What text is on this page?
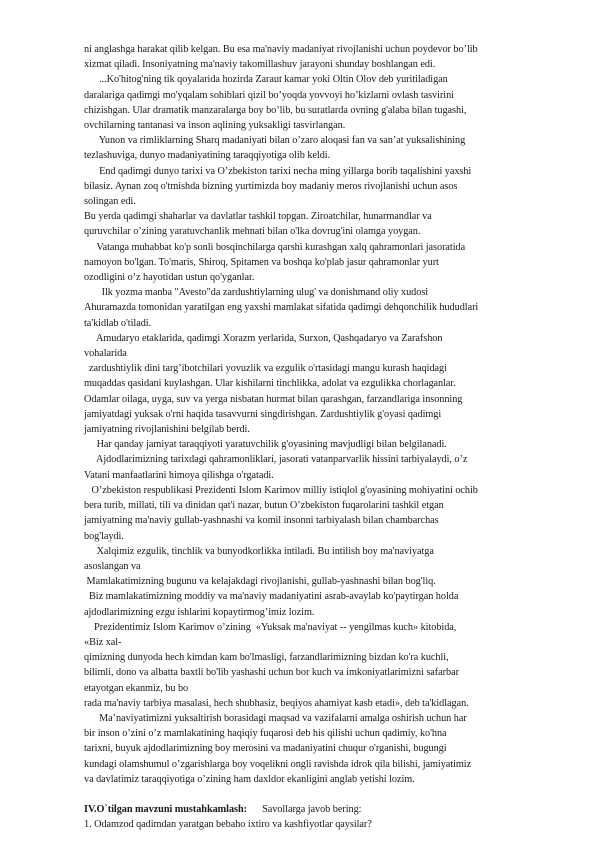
ni anglashga harakat qilib kelgan. Bu esa ma'naviy madaniyat rivojlanishi uchun poydevor bo’lib
xizmat qiladi. Insoniyatning ma'naviy takomillashuv jarayoni shunday boshlangan edi.
...Ko'hitog'ning tik qoyalarida hozirda Zaraut kamar yoki Oltin Olov deb yuritiladigan
daralariga qadimgi mo'yqalam sohiblari qizil bo’yoqda yovvoyi ho’kizlarni ovlash tasvirini
chizishgan. Ular dramatik manzaralarga boy bo’lib, bu suratlarda ovning g'alaba bilan tugashi,
ovchilarning tantanasi va inson aqlining yuksakligi tasvirlangan.
Yunon va rimliklarning Sharq madaniyati bilan o’zaro aloqasi fan va san’at yuksalishining
tezlashuviga, dunyo madaniyatining taraqqiyotiga olib keldi.
End qadimgi dunyo tarixi va O’zbekiston tarixi necha ming yillarga borib taqalishini yaxshi
bilasiz. Aynan zoq o'tmishda bizning yurtimizda boy madaniy meros rivojlanishi uchun asos
solingan edi.
Bu yerda qadimgi shaharlar va davlatlar tashkil topgan. Ziroatchilar, hunarmandlar va
quruvchilar o’zining yaratuvchanlik mehnati bilan o'lka dovrug'ini olamga yoygan.
Vatanga muhabbat ko'p sonli bosqinchilarga qarshi kurashgan xalq qahramonlari jasoratida
namoyon bo'lgan. To'maris, Shiroq, Spitamen va boshqa ko'plab jasur qahramonlar yurt
ozodligini o’z hayotidan ustun qo'yganlar.
Ilk yozma manba "Avesto"da zardushtiylarning ulug' va donishmand oliy xudosi
Ahuramazda tomonidan yaratilgan eng yaxshi mamlakat sifatida qadimgi dehqonchilik hududlari
ta'kidlab o'tiladi.
Amudaryo etaklarida, qadimgi Xorazm yerlarida, Surxon, Qashqadaryo va Zarafshon
vohalarida
zardushtiylik dini targ’ibotchilari yovuzlik va ezgulik o'rtasidagi mangu kurash haqidagi
muqaddas qasidani kuylashgan. Ular kishilarni tinchlikka, adolat va ezgulikka chorlaganlar.
Odamlar oilaga, uyga, suv va yerga nisbatan hurmat bilan qarashgan, farzandlariga insonning
jamiyatdagi yuksak o'rni haqida tasavvurni singdirishgan. Zardushtiylik g'oyasi qadimgi
jamiyatning rivojlanishini belgilab berdi.
Har qanday jamiyat taraqqiyoti yaratuvchilik g'oyasining mavjudligi bilan belgilanadi.
Ajdodlarimizning tarixdagi qahramonliklari, jasorati vatanparvarlik hissini tarbiyalaydi, o’z
Vatani manfaatlarini himoya qilishga o'rgatadi.
O’zbekiston respublikasi Prezidenti Islom Karimov milliy istiqlol g'oyasining mohiyatini ochib
bera turib, millati, tili va dinidan qat'i nazar, butun O’zbekiston fuqarolarini tashkil etgan
jamiyatning ma'naviy gullab-yashnashi va komil insonni tarbiyalash bilan chambarchas
bog'laydi.
Xalqimiz ezgulik, tinchlik va bunyodkorlikka intiladi. Bu intilish boy ma'naviyatga
asoslangan va
Mamlakatimizning bugunu va kelajakdagi rivojlanishi, gullab-yashnashi bilan bog'liq.
Biz mamlakatimizning moddiy va ma'naviy madaniyatini asrab-avaylab ko'paytirgan holda
ajdodlarimizning ezgu ishlarini kopaytirmog’imiz lozim.
Prezidentimiz Islom Karimov o’zining  «Yuksak ma'naviyat -- yengilmas kuch» kitobida,
«Biz xal-
qimizning dunyoda hech kimdan kam bo'lmasligi, farzandlarimizning bizdan ko'ra kuchli,
bilimli, dono va albatta baxtli bo'lib yashashi uchun bor kuch va imkoniyatlarimizni safarbar
etayotgan ekanmiz, bu bo
rada ma'naviy tarbiya masalasi, hech shubhasiz, beqiyos ahamiyat kasb etadi», deb ta'kidlagan.
Ma’naviyatimizni yuksaltirish borasidagi maqsad va vazifalarni amalga oshirish uchun har
bir inson o’zini o’z mamlakatining haqiqiy fuqarosi deb his qilishi uchun qadimiy, ko'hna
tarixni, buyuk ajdodlarimizning boy merosini va madaniyatini chuqur o'rganishi, bugungi
kundagi olamshumul o’zgarishlarga boy voqelikni ongli ravishda idrok qila bilishi, jamiyatimiz
va davlatimiz taraqqiyotiga o’zining ham daxldor ekanligini anglab yetishi lozim.
IV.O`tilgan mavzuni mustahkamlash:      Savollarga javob bering:
1. Odamzod qadimdan yaratgan bebaho ixtiro va kashfiyotlar qaysilar?
